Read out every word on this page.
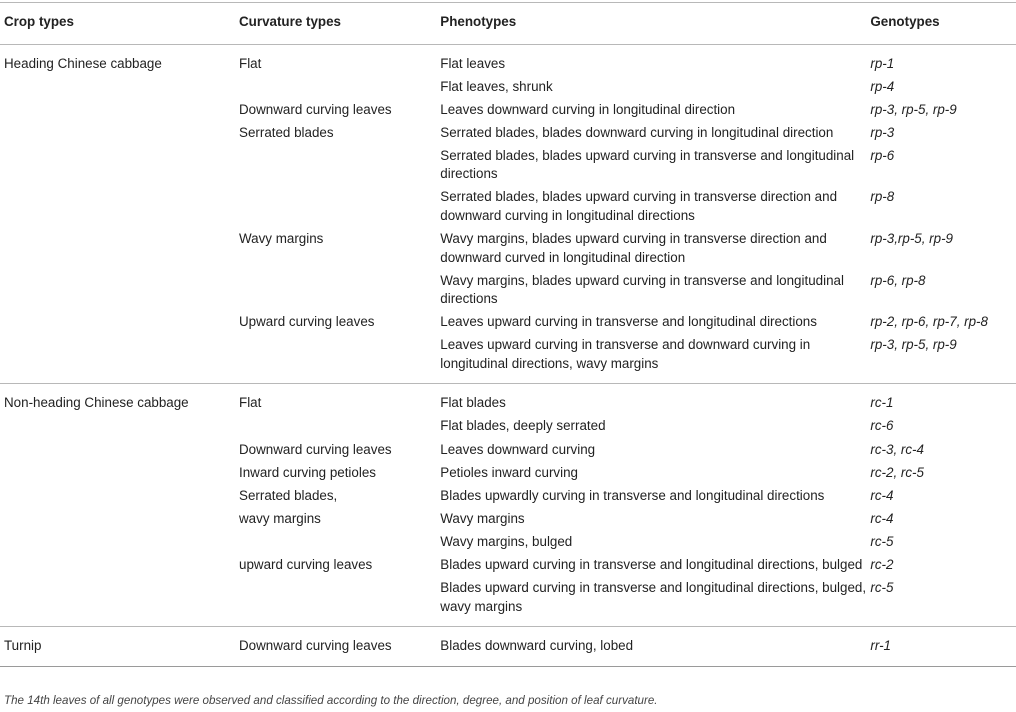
Crop types	Curvature types	Phenotypes	Genotypes
Heading Chinese cabbage	Flat	Flat leaves	rp-1
		Flat leaves, shrunk	rp-4
	Downward curving leaves	Leaves downward curving in longitudinal direction	rp-3, rp-5, rp-9
	Serrated blades	Serrated blades, blades downward curving in longitudinal direction	rp-3
		Serrated blades, blades upward curving in transverse and longitudinal directions	rp-6
		Serrated blades, blades upward curving in transverse direction and downward curving in longitudinal directions	rp-8
	Wavy margins	Wavy margins, blades upward curving in transverse direction and downward curved in longitudinal direction	rp-3,rp-5, rp-9
		Wavy margins, blades upward curving in transverse and longitudinal directions	rp-6, rp-8
	Upward curving leaves	Leaves upward curving in transverse and longitudinal directions	rp-2, rp-6, rp-7, rp-8
		Leaves upward curving in transverse and downward curving in longitudinal directions, wavy margins	rp-3, rp-5, rp-9
Non-heading Chinese cabbage	Flat	Flat blades	rc-1
		Flat blades, deeply serrated	rc-6
	Downward curving leaves	Leaves downward curving	rc-3, rc-4
	Inward curving petioles	Petioles inward curving	rc-2, rc-5
	Serrated blades,	Blades upwardly curving in transverse and longitudinal directions	rc-4
	wavy margins	Wavy margins	rc-4
		Wavy margins, bulged	rc-5
	upward curving leaves	Blades upward curving in transverse and longitudinal directions, bulged	rc-2
		Blades upward curving in transverse and longitudinal directions, bulged, wavy margins	rc-5
Turnip	Downward curving leaves	Blades downward curving, lobed	rr-1
The 14th leaves of all genotypes were observed and classified according to the direction, degree, and position of leaf curvature.
